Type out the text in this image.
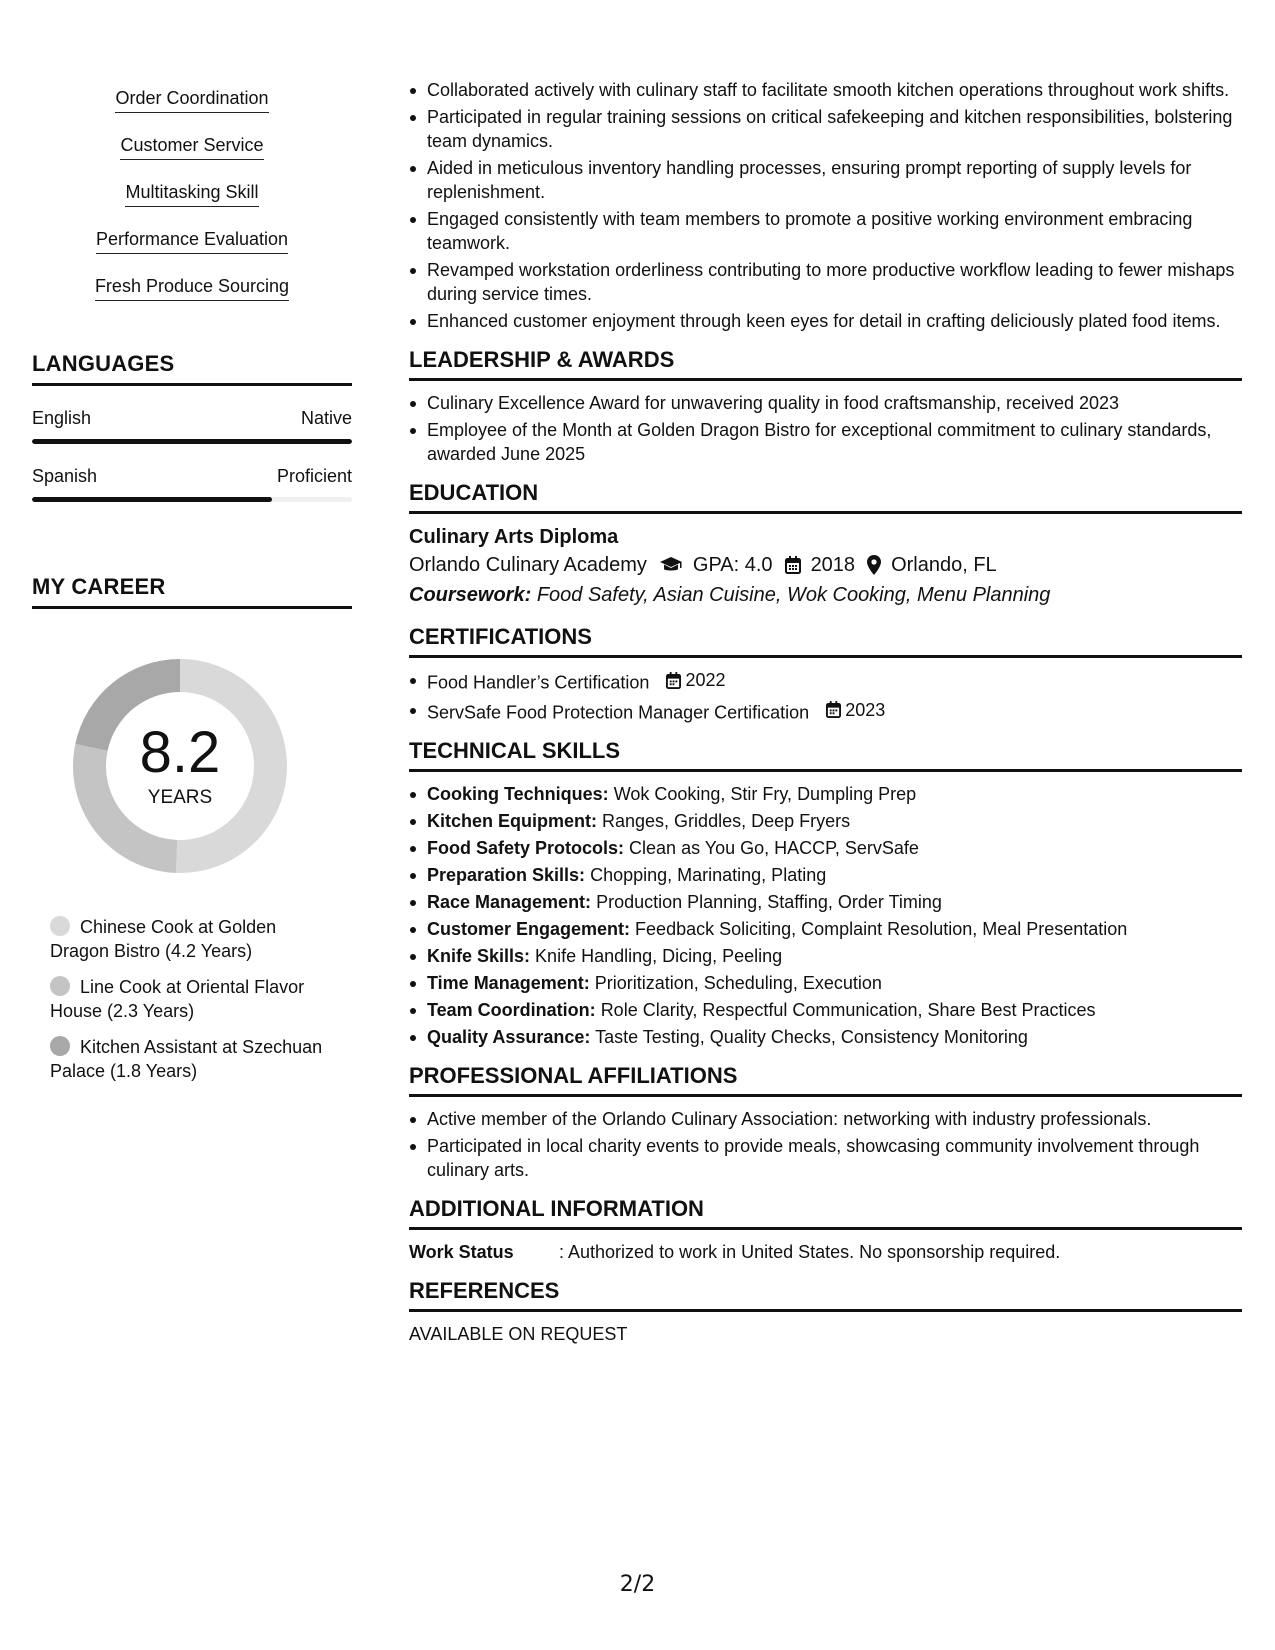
Order Coordination
Customer Service
Multitasking Skill
Performance Evaluation
Fresh Produce Sourcing
LANGUAGES
English	Native
Spanish	Proficient
MY CAREER
8.2
YEARS
Chinese Cook at Golden Dragon Bistro (4.2 Years)
Line Cook at Oriental Flavor House (2.3 Years)
Kitchen Assistant at Szechuan Palace (1.8 Years)
Collaborated actively with culinary staff to facilitate smooth kitchen operations throughout work shifts.
Participated in regular training sessions on critical safekeeping and kitchen responsibilities, bolstering team dynamics.
Aided in meticulous inventory handling processes, ensuring prompt reporting of supply levels for replenishment.
Engaged consistently with team members to promote a positive working environment embracing teamwork.
Revamped workstation orderliness contributing to more productive workflow leading to fewer mishaps during service times.
Enhanced customer enjoyment through keen eyes for detail in crafting deliciously plated food items.
LEADERSHIP & AWARDS
Culinary Excellence Award for unwavering quality in food craftsmanship, received 2023
Employee of the Month at Golden Dragon Bistro for exceptional commitment to culinary standards, awarded June 2025
EDUCATION
Culinary Arts Diploma
Orlando Culinary Academy GPA: 4.0 2018 Orlando, FL
Coursework: Food Safety, Asian Cuisine, Wok Cooking, Menu Planning
CERTIFICATIONS
Food Handler’s Certification 2022
ServSafe Food Protection Manager Certification 2023
TECHNICAL SKILLS
Cooking Techniques: Wok Cooking, Stir Fry, Dumpling Prep
Kitchen Equipment: Ranges, Griddles, Deep Fryers
Food Safety Protocols: Clean as You Go, HACCP, ServSafe
Preparation Skills: Chopping, Marinating, Plating
Race Management: Production Planning, Staffing, Order Timing
Customer Engagement: Feedback Soliciting, Complaint Resolution, Meal Presentation
Knife Skills: Knife Handling, Dicing, Peeling
Time Management: Prioritization, Scheduling, Execution
Team Coordination: Role Clarity, Respectful Communication, Share Best Practices
Quality Assurance: Taste Testing, Quality Checks, Consistency Monitoring
PROFESSIONAL AFFILIATIONS
Active member of the Orlando Culinary Association: networking with industry professionals.
Participated in local charity events to provide meals, showcasing community involvement through culinary arts.
ADDITIONAL INFORMATION
Work Status	: Authorized to work in United States. No sponsorship required.
REFERENCES
AVAILABLE ON REQUEST
2/2
